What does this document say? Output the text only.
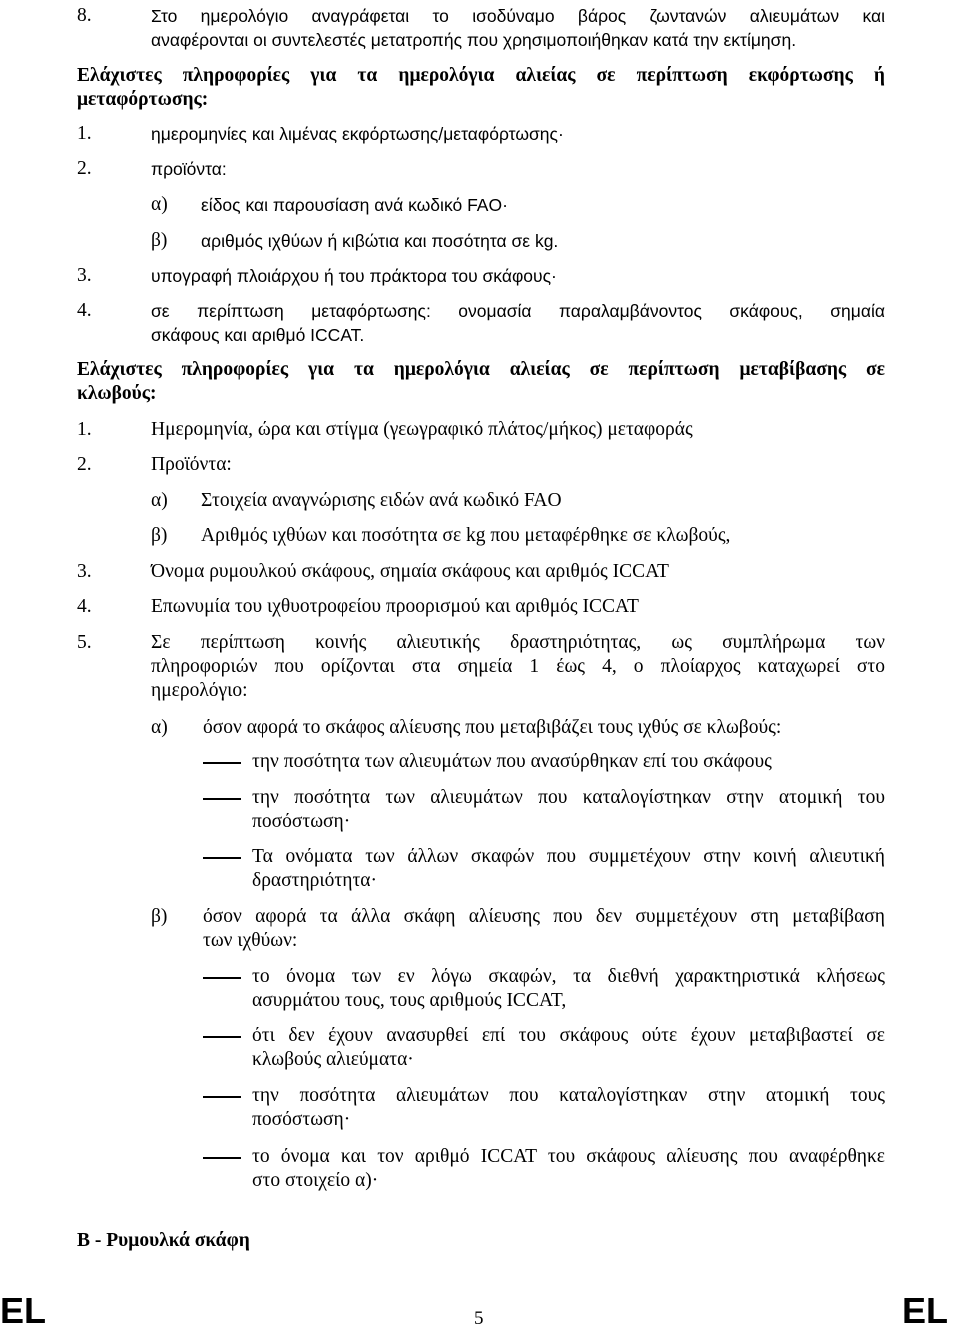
8.	Στο ημερολόγιο αναγράφεται το ισοδύναμο βάρος ζωντανών αλιευμάτων και
αναφέρονται οι συντελεστές μετατροπής που χρησιμοποιήθηκαν κατά την εκτίμηση.
Ελάχιστες πληροφορίες για τα ημερολόγια αλιείας σε περίπτωση εκφόρτωσης ή
μεταφόρτωσης:
1.	ημερομηνίες και λιμένας εκφόρτωσης/μεταφόρτωσης·
2.	προϊόντα:
α) είδος και παρουσίαση ανά κωδικό FAO·
β) αριθμός ιχθύων ή κιβώτια και ποσότητα σε kg.
3.	υπογραφή πλοιάρχου ή του πράκτορα του σκάφους·
4.	σε περίπτωση μεταφόρτωσης: ονομασία παραλαμβάνοντος σκάφους, σημαία
σκάφους και αριθμό ICCAT.
Ελάχιστες πληροφορίες για τα ημερολόγια αλιείας σε περίπτωση μεταβίβασης σε
κλωβούς:
1.	Ημερομηνία, ώρα και στίγμα (γεωγραφικό πλάτος/μήκος) μεταφοράς
2.	Προϊόντα:
α) Στοιχεία αναγνώρισης ειδών ανά κωδικό FAO
β) Αριθμός ιχθύων και ποσότητα σε kg που μεταφέρθηκε σε κλωβούς,
3.	Όνομα ρυμουλκού σκάφους, σημαία σκάφους και αριθμός ICCAT
4.	Επωνυμία του ιχθυοτροφείου προορισμού και αριθμός ICCAT
5.	Σε περίπτωση κοινής αλιευτικής δραστηριότητας, ως συμπλήρωμα των
πληροφοριών που ορίζονται στα σημεία 1 έως 4, ο πλοίαρχος καταχωρεί στο
ημερολόγιο:
α) όσον αφορά το σκάφος αλίευσης που μεταβιβάζει τους ιχθύς σε κλωβούς:
την ποσότητα των αλιευμάτων που ανασύρθηκαν επί του σκάφους
την ποσότητα των αλιευμάτων που καταλογίστηκαν στην ατομική του
ποσόστωση·
Τα ονόματα των άλλων σκαφών που συμμετέχουν στην κοινή αλιευτική
δραστηριότητα·
β) όσον αφορά τα άλλα σκάφη αλίευσης που δεν συμμετέχουν στη μεταβίβαση
των ιχθύων:
το όνομα των εν λόγω σκαφών, τα διεθνή χαρακτηριστικά κλήσεως
ασυρμάτου τους, τους αριθμούς ICCAT,
ότι δεν έχουν ανασυρθεί επί του σκάφους ούτε έχουν μεταβιβαστεί σε
κλωβούς αλιεύματα·
την ποσότητα αλιευμάτων που καταλογίστηκαν στην ατομική τους
ποσόστωση·
το όνομα και τον αριθμό ICCAT του σκάφους αλίευσης που αναφέρθηκε
στο στοιχείο α)·
Β - Ρυμουλκά σκάφη
EL	5	EL
